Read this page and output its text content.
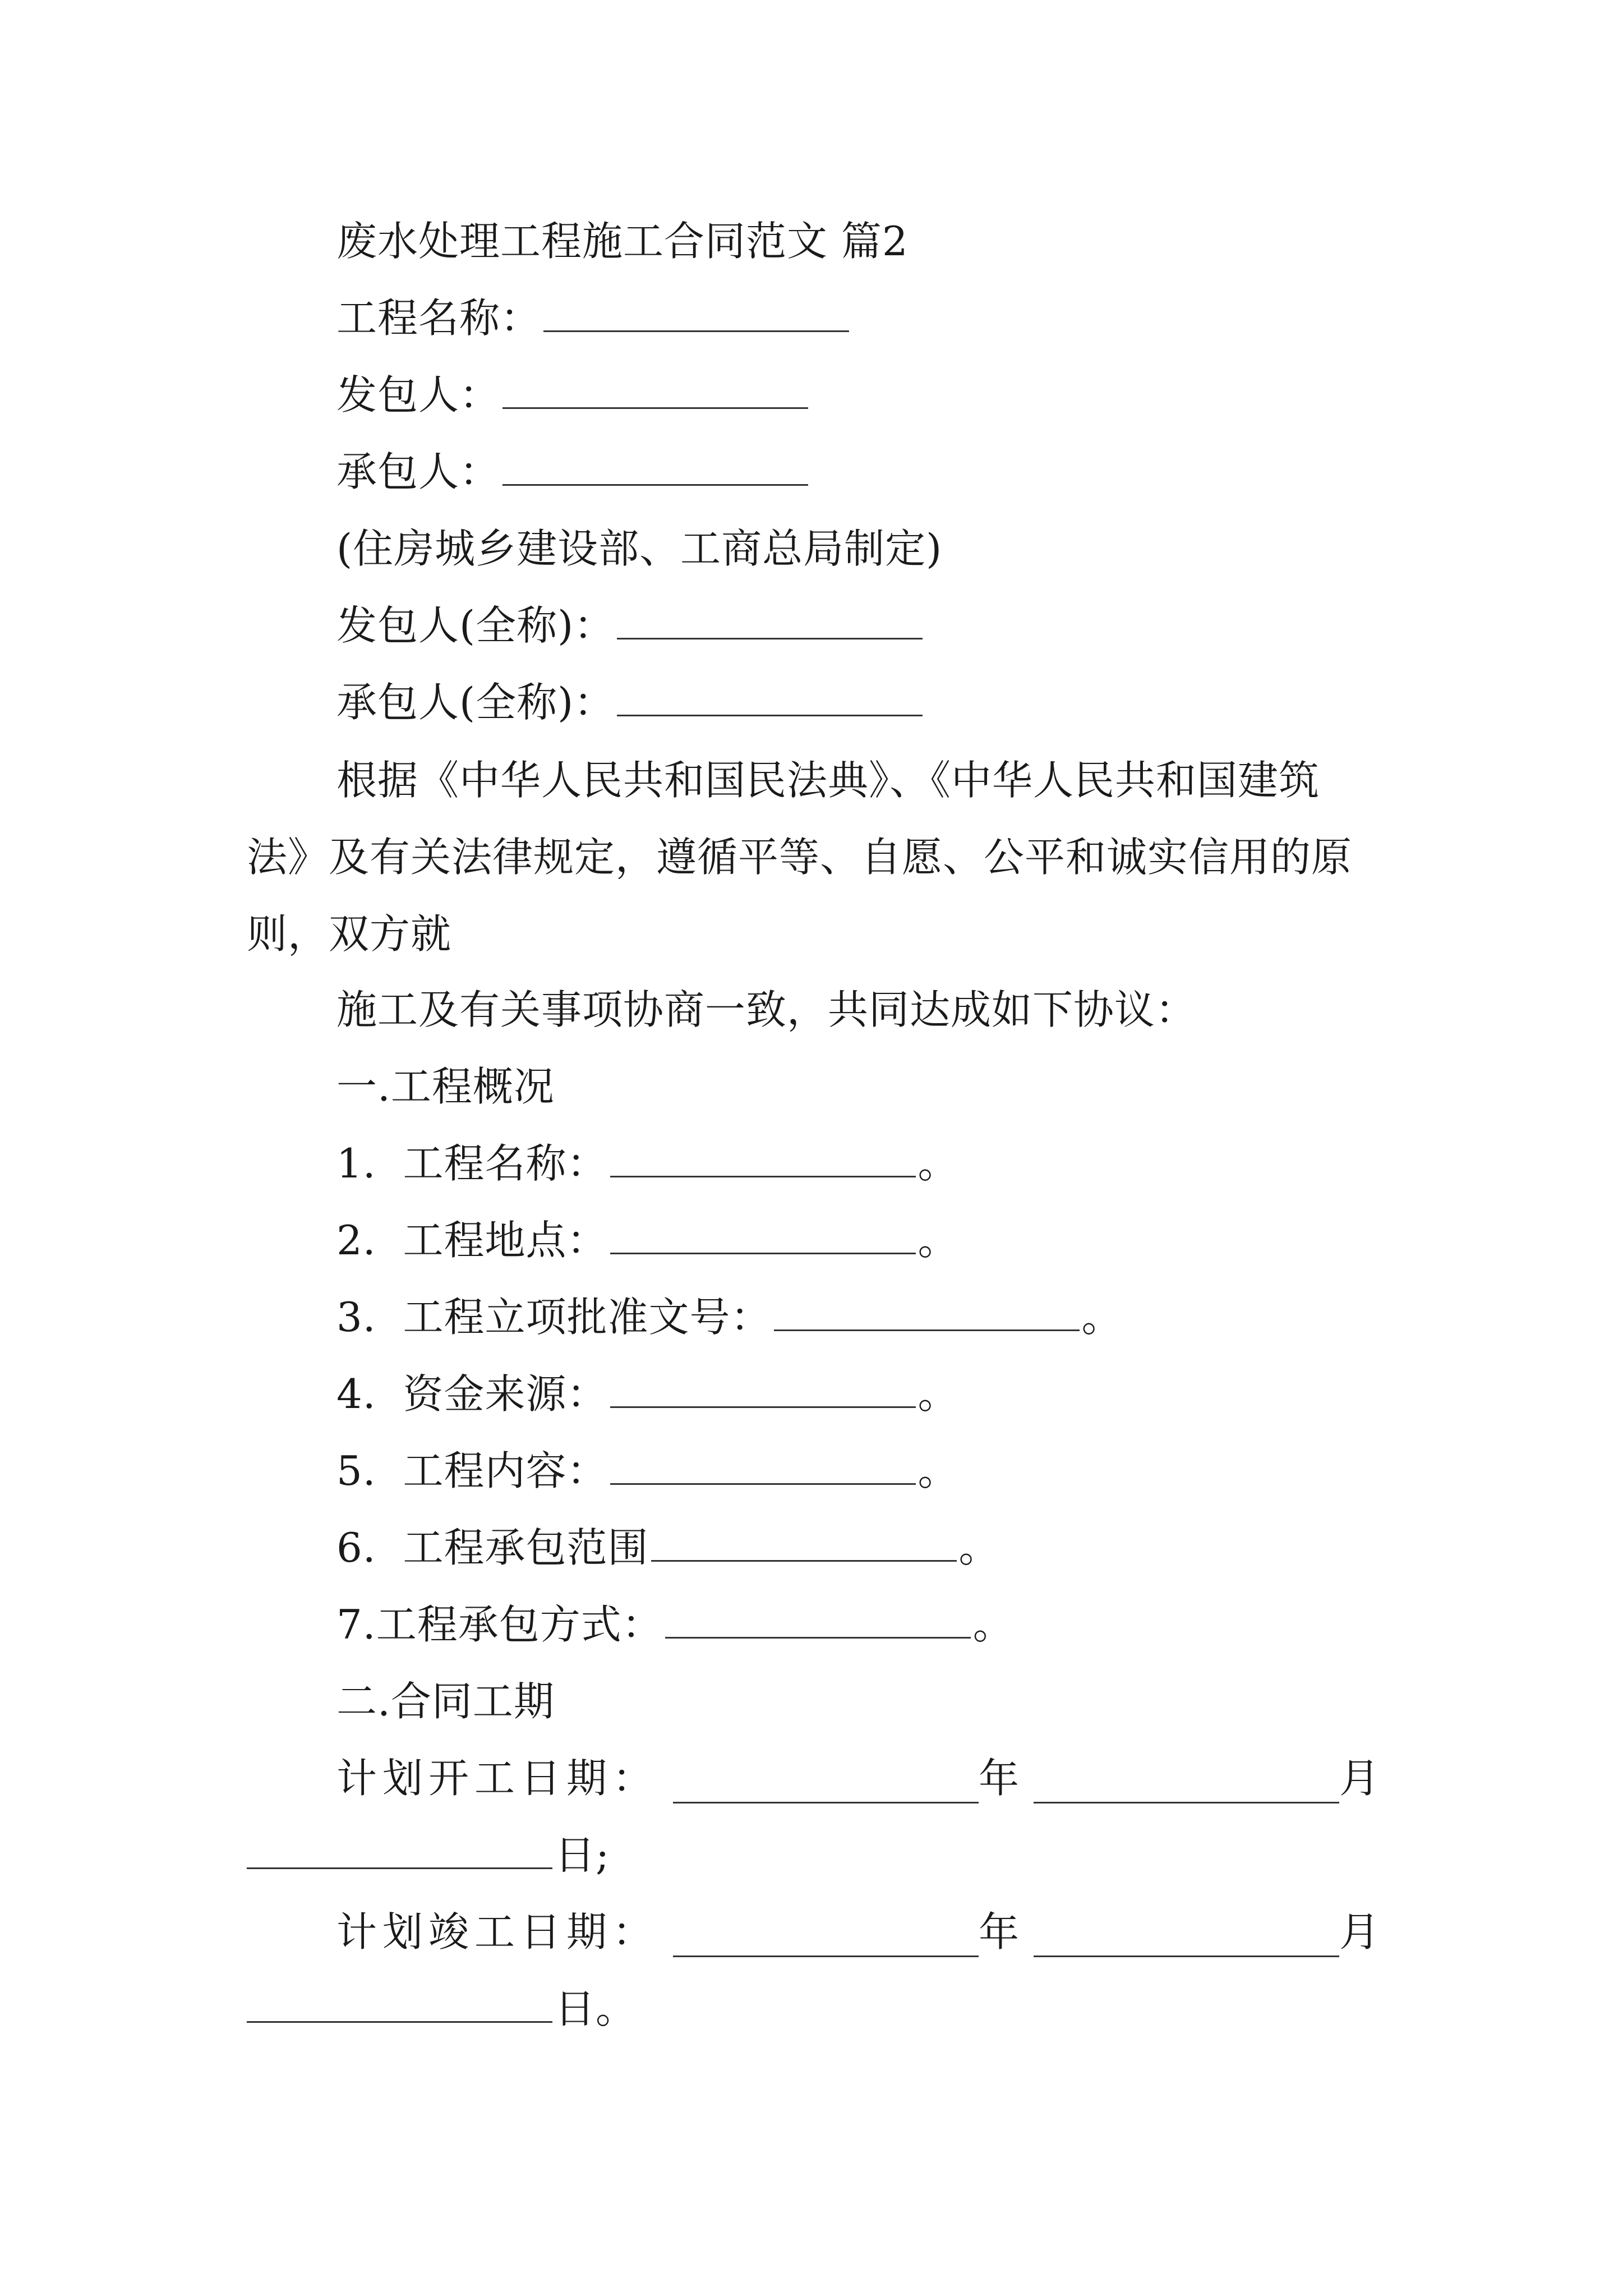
废水处理工程施工合同范文 篇2
工程名称：
发包人：
承包人：
(住房城乡建设部、工商总局制定)
发包人(全称)：
承包人(全称)：
根据《中华人民共和国民法典》、《中华人民共和国建筑法》及有关法律规定，遵循平等、自愿、公平和诚实信用的原则，双方就
施工及有关事项协商一致，共同达成如下协议：
一.工程概况
1. 工程名称：	。
2. 工程地点：	。
3. 工程立项批准文号：	。
4. 资金来源：	。
5. 工程内容：	。
6. 工程承包范围	。
7.工程承包方式：	。
二.合同工期
计划开工日期：	年	月
日;
计划竣工日期：	年	月
日。
